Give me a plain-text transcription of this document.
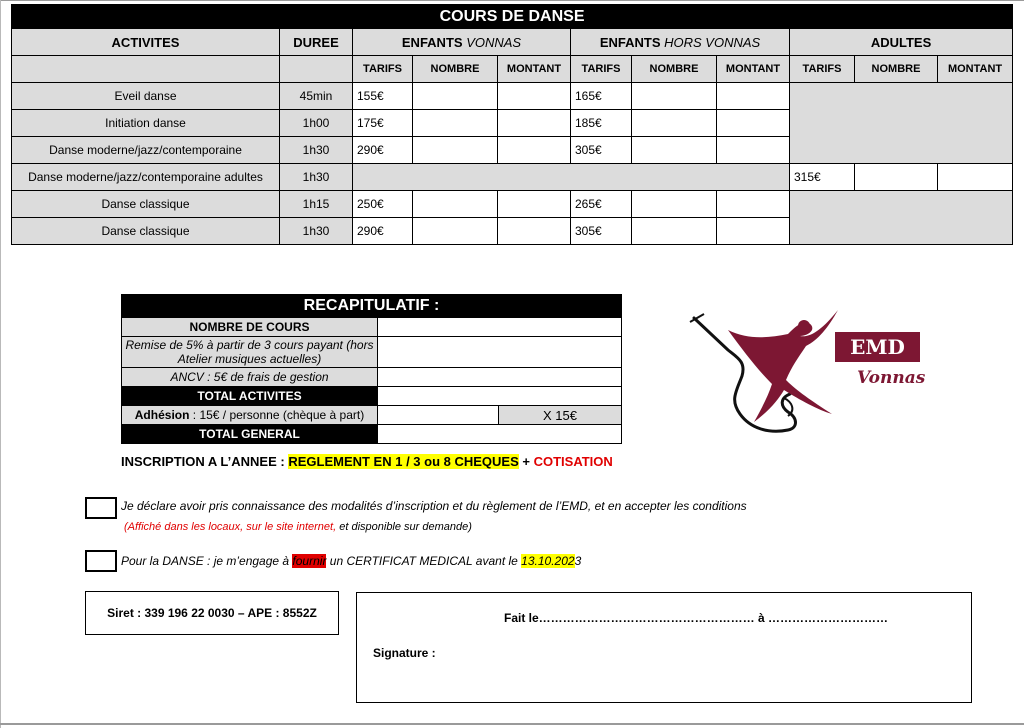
COURS DE DANSE										
ACTIVITES	DUREE	ENFANTS VONNAS			ENFANTS HORS VONNAS			ADULTES		
		TARIFS	NOMBRE	MONTANT	TARIFS	NOMBRE	MONTANT	TARIFS	NOMBRE	MONTANT
Eveil danse	45min	155€			165€					
Initiation danse	1h00	175€			185€					
Danse moderne/jazz/contemporaine	1h30	290€			305€					
Danse moderne/jazz/contemporaine adultes	1h30							315€		
Danse classique	1h15	250€			265€					
Danse classique	1h30	290€			305€					
RECAPITULATIF :		
NOMBRE DE COURS		
Remise de 5% à partir de 3 cours payant (hors Atelier musiques actuelles)		
ANCV : 5€ de frais de gestion		
TOTAL ACTIVITES		
Adhésion : 15€ / personne (chèque à part)		X 15€
TOTAL GENERAL		
INSCRIPTION A L’ANNEE : REGLEMENT EN 1 / 3 ou 8 CHEQUES + COTISATION
EMD
Vonnas
Je déclare avoir pris connaissance des modalités d’inscription et du règlement de l’EMD, et en accepter les conditions
(Affiché dans les locaux, sur le site internet, et disponible sur demande)
Pour la DANSE : je m’engage à fournir un CERTIFICAT MEDICAL avant le 13.10.2023
Siret : 339 196 22 0030 – APE : 8552Z	Fait le……………………………………………… à …………………………
Signature :
